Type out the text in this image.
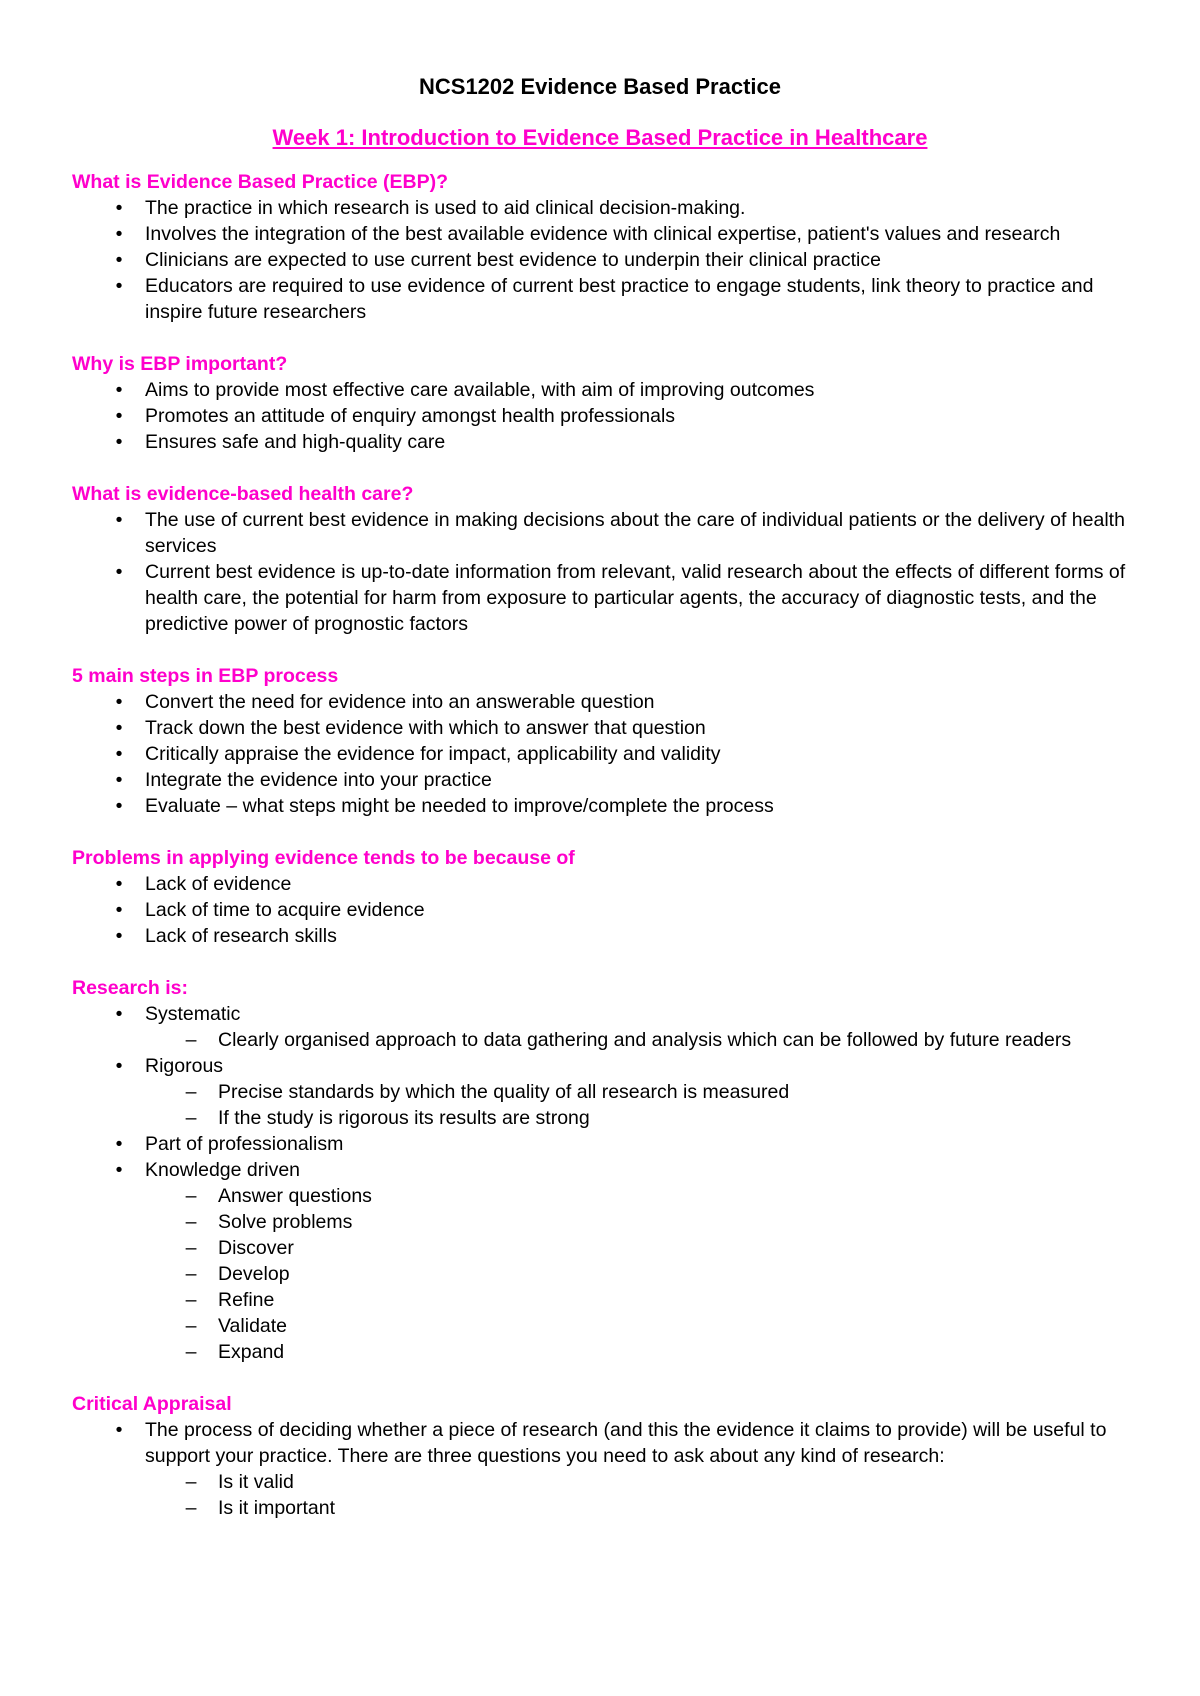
NCS1202 Evidence Based Practice
Week 1: Introduction to Evidence Based Practice in Healthcare
What is Evidence Based Practice (EBP)?
•	The practice in which research is used to aid clinical decision-making.
•	Involves the integration of the best available evidence with clinical expertise, patient's values and research
•	Clinicians are expected to use current best evidence to underpin their clinical practice
•	Educators are required to use evidence of current best practice to engage students, link theory to practice and inspire future researchers
Why is EBP important?
•	Aims to provide most effective care available, with aim of improving outcomes
•	Promotes an attitude of enquiry amongst health professionals
•	Ensures safe and high-quality care
What is evidence-based health care?
•	The use of current best evidence in making decisions about the care of individual patients or the delivery of health services
•	Current best evidence is up-to-date information from relevant, valid research about the effects of different forms of health care, the potential for harm from exposure to particular agents, the accuracy of diagnostic tests, and the predictive power of prognostic factors
5 main steps in EBP process
•	Convert the need for evidence into an answerable question
•	Track down the best evidence with which to answer that question
•	Critically appraise the evidence for impact, applicability and validity
•	Integrate the evidence into your practice
•	Evaluate – what steps might be needed to improve/complete the process
Problems in applying evidence tends to be because of
•	Lack of evidence
•	Lack of time to acquire evidence
•	Lack of research skills
Research is:
•	Systematic
– Clearly organised approach to data gathering and analysis which can be followed by future readers
•	Rigorous
– Precise standards by which the quality of all research is measured
– If the study is rigorous its results are strong
•	Part of professionalism
•	Knowledge driven
– Answer questions
– Solve problems
– Discover
– Develop
– Refine
– Validate
– Expand
Critical Appraisal
•	The process of deciding whether a piece of research (and this the evidence it claims to provide) will be useful to support your practice. There are three questions you need to ask about any kind of research:
– Is it valid
– Is it important
